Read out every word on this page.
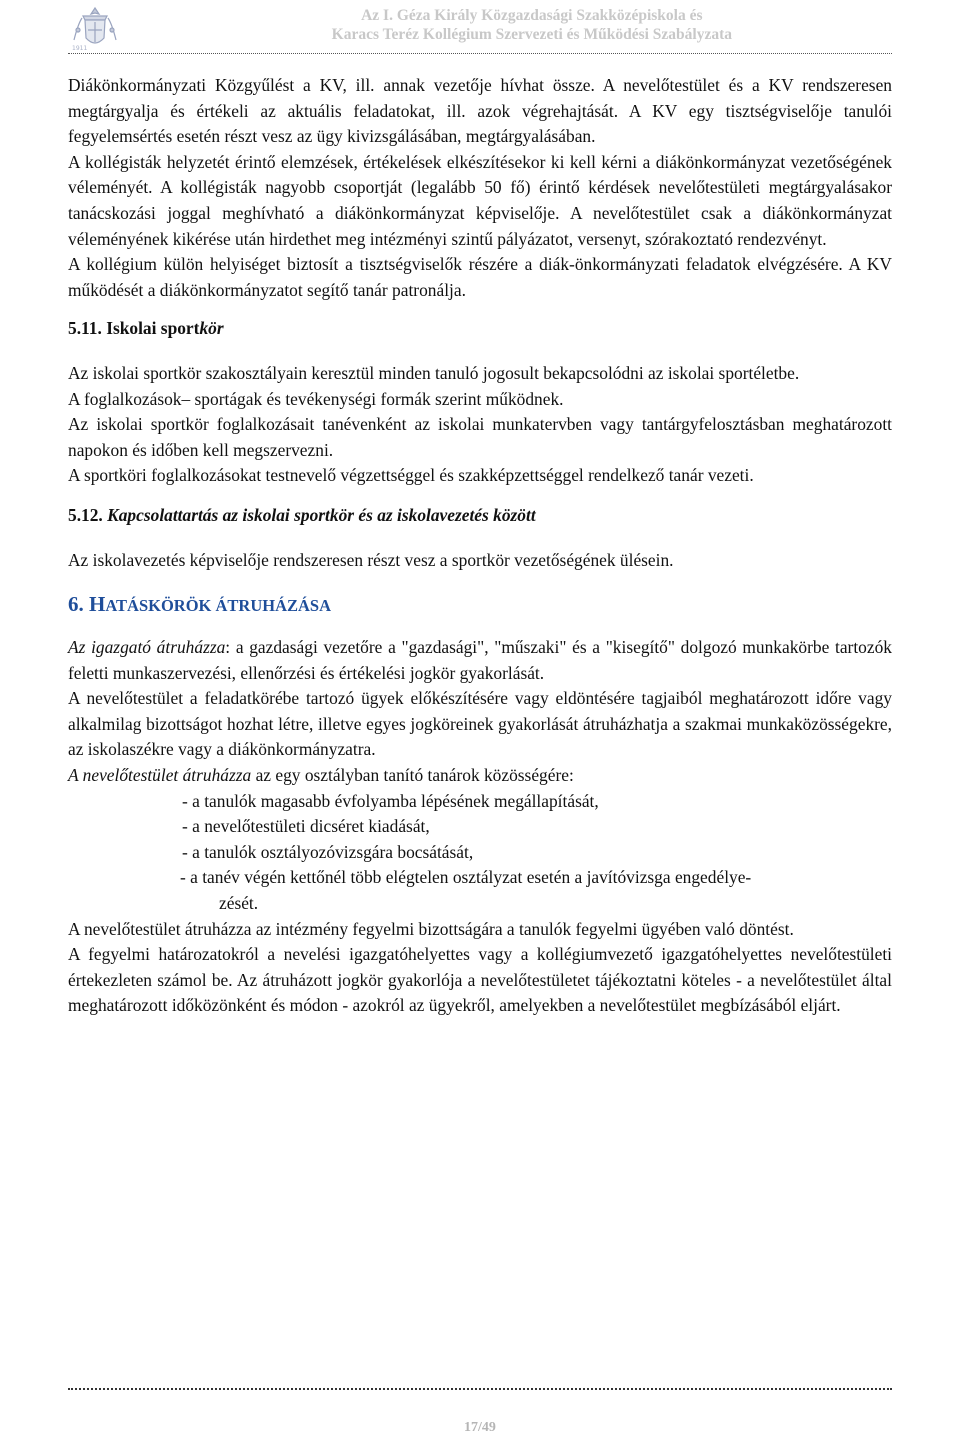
1911
Az I. Géza Király Közgazdasági Szakközépiskola és
Karacs Teréz Kollégium Szervezeti és Működési Szabályzata

Diákönkormányzati Közgyűlést a KV, ill. annak vezetője hívhat össze. A nevelőtestület és a KV rendszeresen megtárgyalja és értékeli az aktuális feladatokat, ill. azok végrehajtását. A KV egy tisztségviselője tanulói fegyelemsértés esetén részt vesz az ügy kivizsgálásában, megtárgyalásában.

A kollégisták helyzetét érintő elemzések, értékelések elkészítésekor ki kell kérni a diákönkormányzat vezetőségének véleményét. A kollégisták nagyobb csoportját (legalább 50 fő) érintő kérdések nevelőtestületi megtárgyalásakor tanácskozási joggal meghívható a diákönkormányzat képviselője. A nevelőtestület csak a diákönkormányzat véleményének kikérése után hirdethet meg intézményi szintű pályázatot, versenyt, szórakoztató rendezvényt.

A kollégium külön helyiséget biztosít a tisztségviselők részére a diák-önkormányzati feladatok elvégzésére. A KV működését a diákönkormányzatot segítő tanár patronálja.

5.11. Iskolai sportkör

Az iskolai sportkör szakosztályain keresztül minden tanuló jogosult bekapcsolódni az iskolai sportéletbe.

A foglalkozások– sportágak és tevékenységi formák szerint működnek.

Az iskolai sportkör foglalkozásait tanévenként az iskolai munkatervben vagy tantárgyfelosztásban meghatározott napokon és időben kell megszervezni.

A sportköri foglalkozásokat testnevelő végzettséggel és szakképzettséggel rendelkező tanár vezeti.

5.12. Kapcsolattartás az iskolai sportkör és az iskolavezetés között

Az iskolavezetés képviselője rendszeresen részt vesz a sportkör vezetőségének ülésein.

6. HATÁSKÖRÖK ÁTRUHÁZÁSA

Az igazgató átruházza: a gazdasági vezetőre a "gazdasági", "műszaki" és a "kisegítő" dolgozó munkakörbe tartozók feletti munkaszervezési, ellenőrzési és értékelési jogkör gyakorlását.

A nevelőtestület a feladatkörébe tartozó ügyek előkészítésére vagy eldöntésére tagjaiból meghatározott időre vagy alkalmilag bizottságot hozhat létre, illetve egyes jogköreinek gyakorlását átruházhatja a szakmai munkaközösségekre, az iskolaszékre vagy a diákönkormányzatra.

A nevelőtestület átruházza az egy osztályban tanító tanárok közösségére:

- a tanulók magasabb évfolyamba lépésének megállapítását,
- a nevelőtestületi dicséret kiadását,
- a tanulók osztályozóvizsgára bocsátását,
- a tanév végén kettőnél több elégtelen osztályzat esetén a javítóvizsga engedélye-
zését.

A nevelőtestület átruházza az intézmény fegyelmi bizottságára a tanulók fegyelmi ügyében való döntést.

A fegyelmi határozatokról a nevelési igazgatóhelyettes vagy a kollégiumvezető igazgatóhelyettes nevelőtestületi értekezleten számol be. Az átruházott jogkör gyakorlója a nevelőtestületet tájékoztatni köteles - a nevelőtestület által meghatározott időközönként és módon - azokról az ügyekről, amelyekben a nevelőtestület megbízásából eljárt.

17/49
